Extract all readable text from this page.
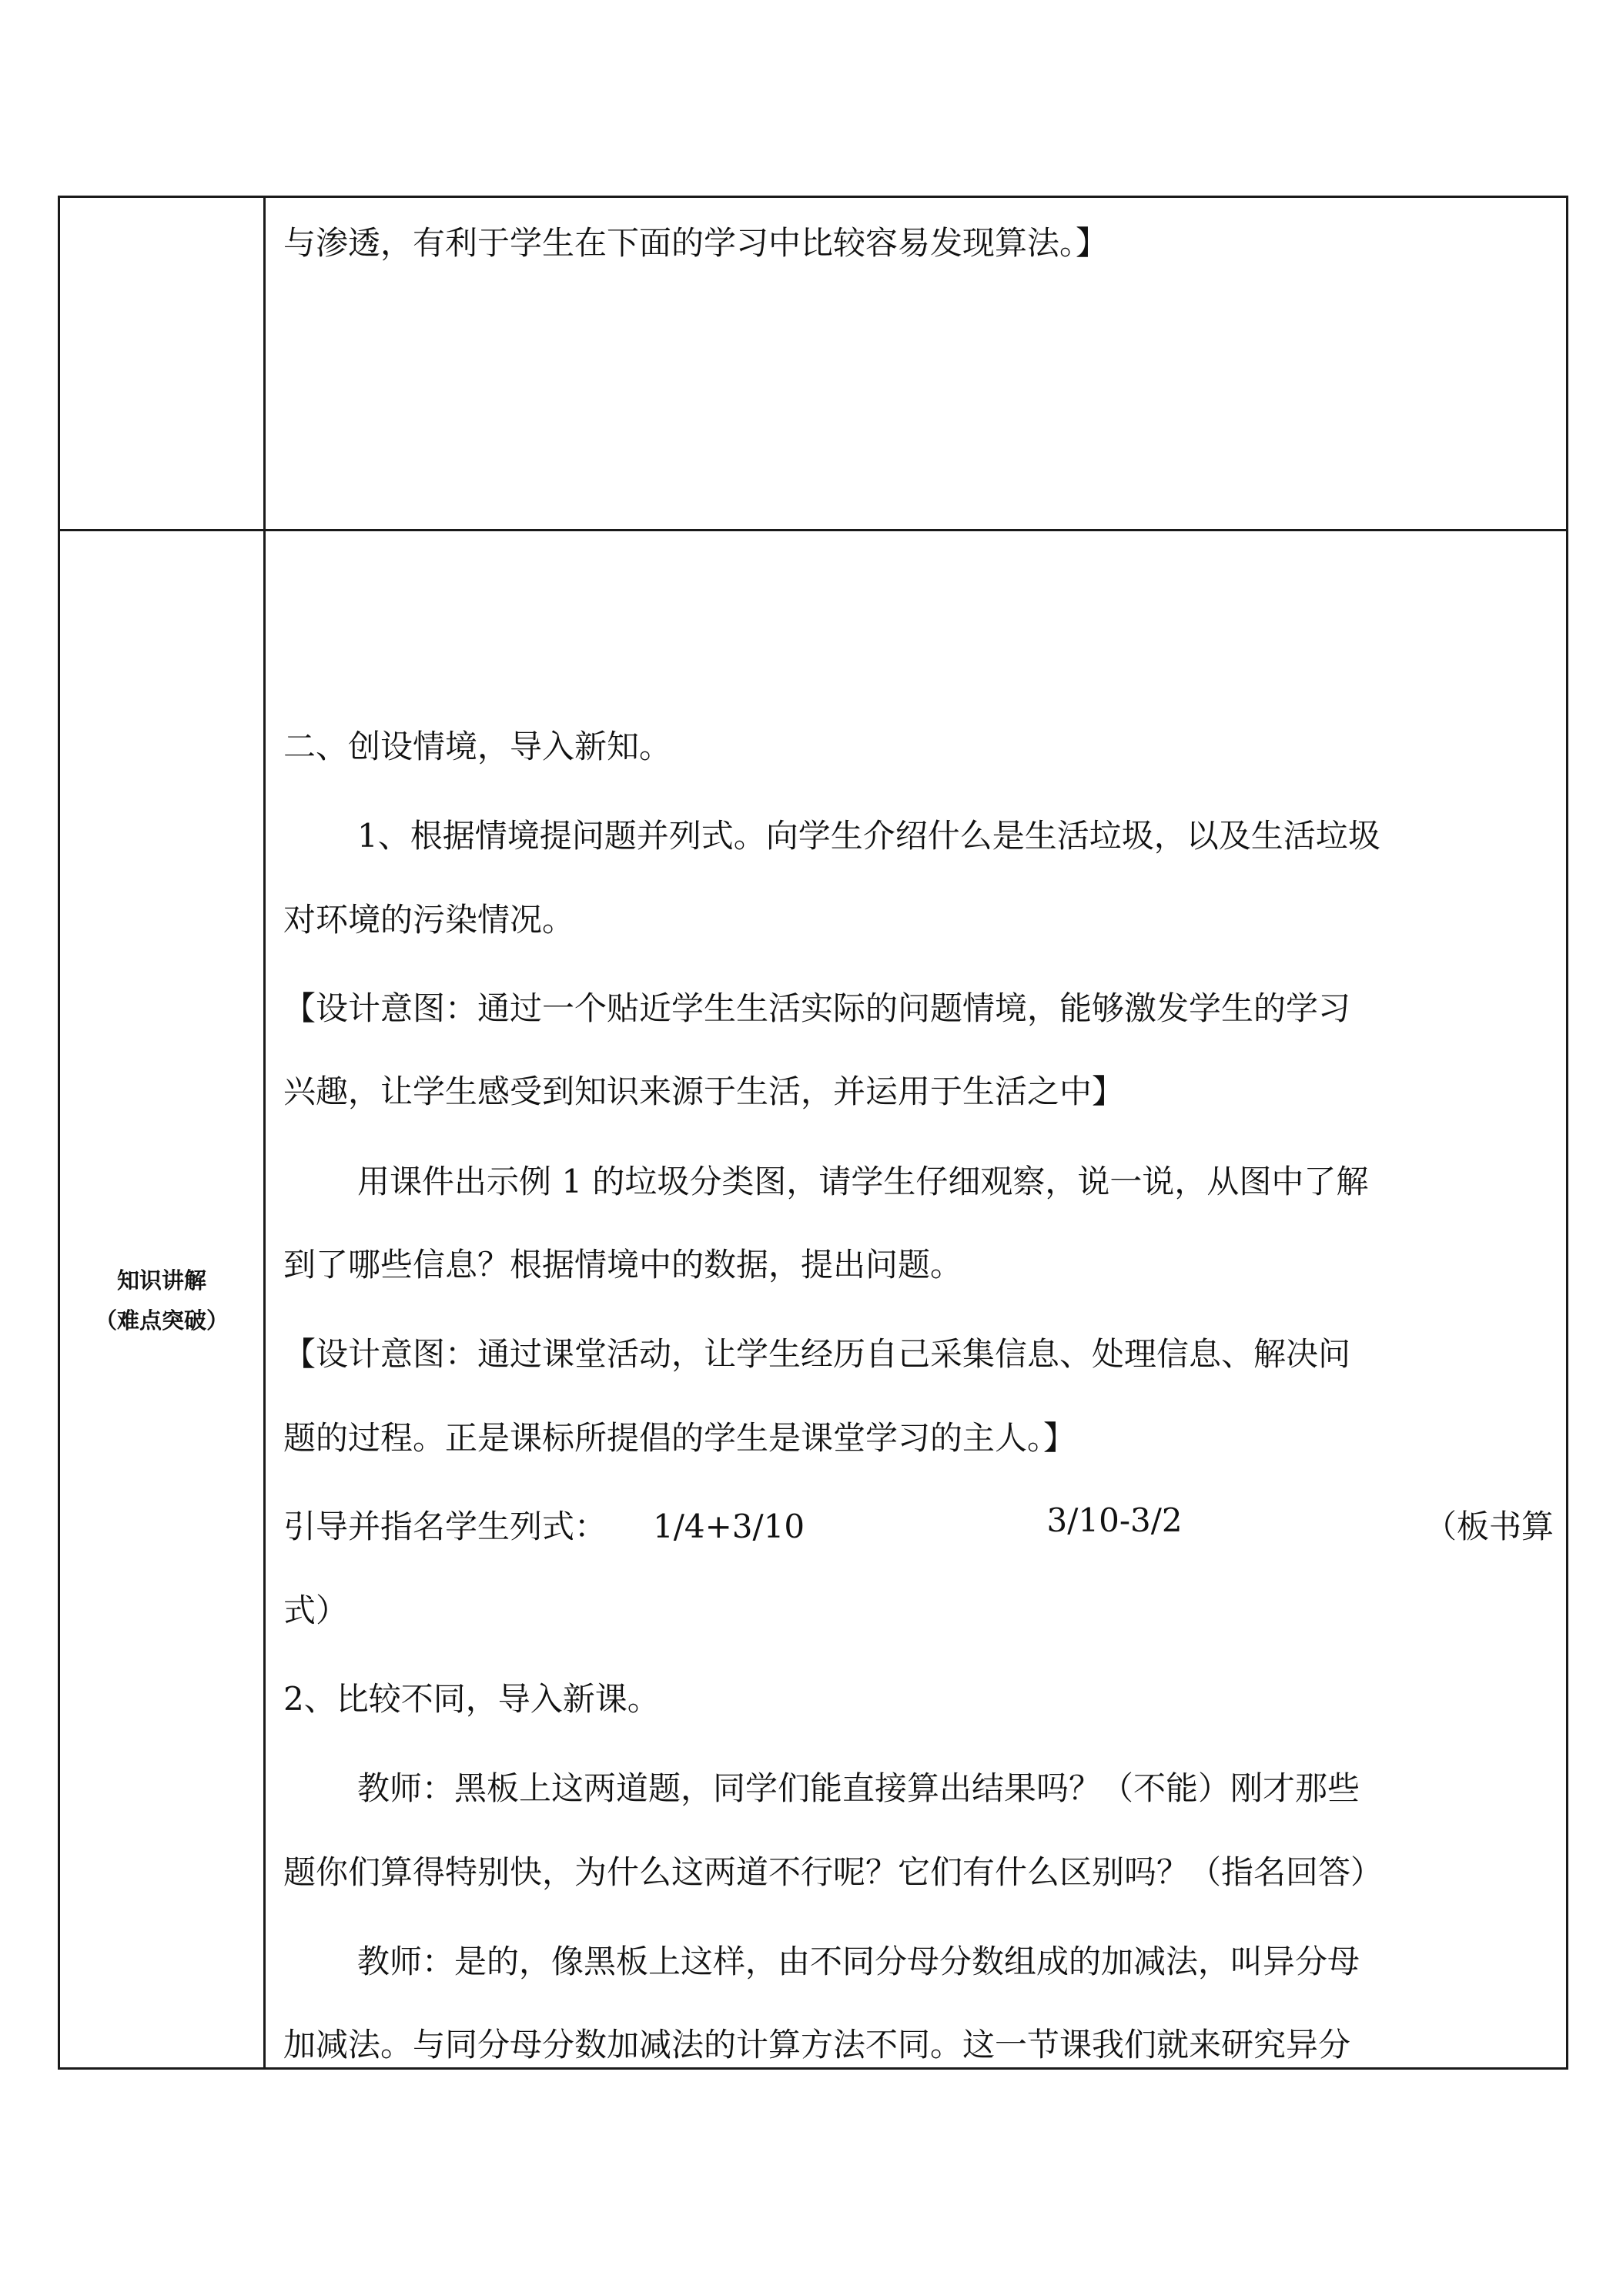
与渗透，有利于学生在下面的学习中比较容易发现算法。】
知识讲解
（难点突破）
二、创设情境，导入新知。
1、根据情境提问题并列式。向学生介绍什么是生活垃圾，以及生活垃圾
对环境的污染情况。
【设计意图：通过一个贴近学生生活实际的问题情境，能够激发学生的学习
兴趣，让学生感受到知识来源于生活，并运用于生活之中】
用课件出示例 1 的垃圾分类图，请学生仔细观察，说一说，从图中了解
到了哪些信息？根据情境中的数据，提出问题。
【设计意图：通过课堂活动，让学生经历自己采集信息、处理信息、解决问
题的过程。正是课标所提倡的学生是课堂学习的主人。】
引导并指名学生列式： 1/4+3/10	3/10-3/2	（板书算
式）
2、比较不同，导入新课。
教师：黑板上这两道题，同学们能直接算出结果吗？（不能）刚才那些
题你们算得特别快，为什么这两道不行呢？它们有什么区别吗？（指名回答）
教师：是的，像黑板上这样，由不同分母分数组成的加减法，叫异分母
加减法。与同分母分数加减法的计算方法不同。这一节课我们就来研究异分
